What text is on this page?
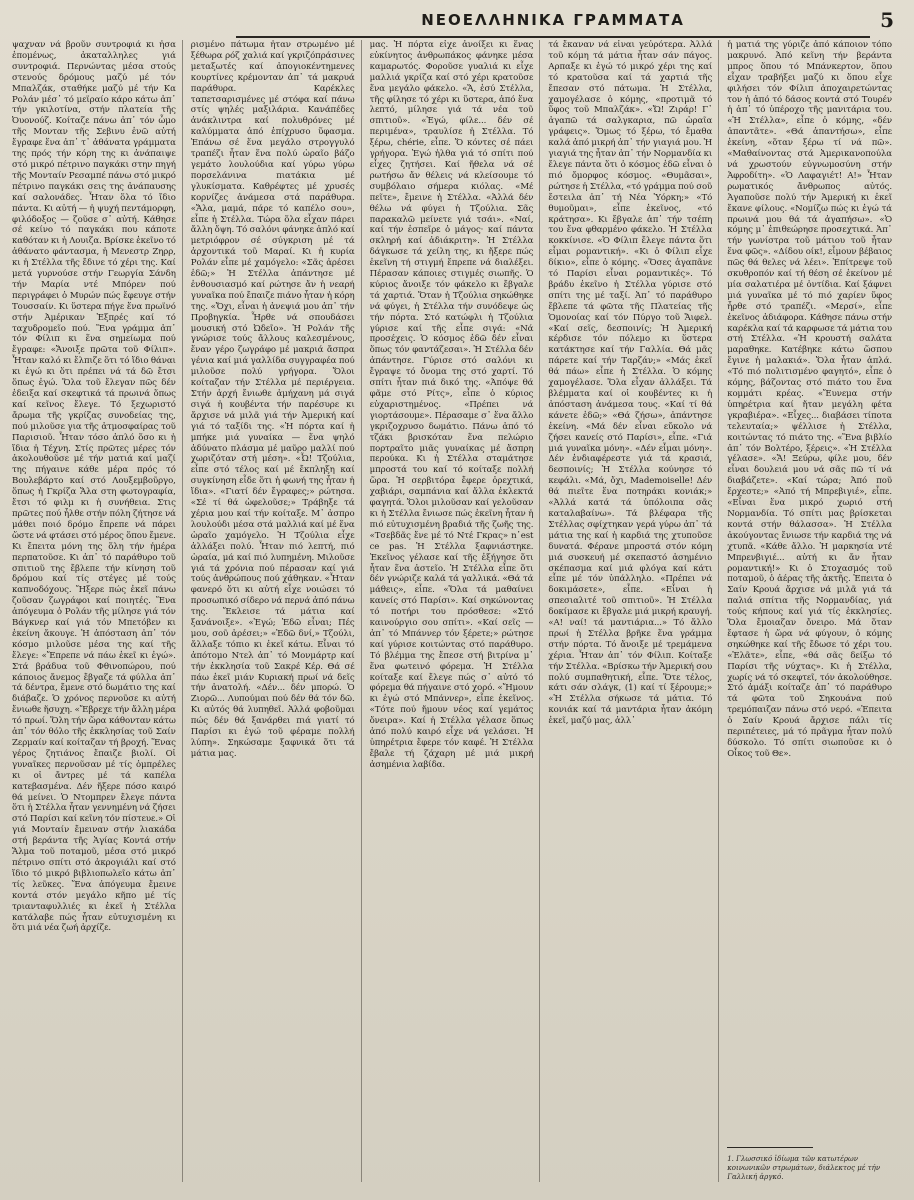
ΝΕΟΕΛΛΗΝΙΚΑ ΓΡΑΜΜΑΤΑ	5

ψαχναν νά βροῦν συντροφιά κι ἦσα ἐπομένως, ἀκαταλληλες γιά συντροφιά. Περνώντας μέσα στούς στενούς δρόμους μαζύ μέ τόν Μπαλζάκ, σταθήκε μαζύ μέ τήν Κα Ρολάν μέσ᾽ τό μεϊραίο κάρο κάτω ἀπ᾽ τήν γκιλοτίνα, στήν πλατεία τῆς Ὀυονούζ. Κοίταζε πάνω ἀπ᾽ τόν ὦμο τῆς Μονταν τῆς Σεβινυ ἐνῶ αὐτή ἔγραφε ἕνα ἀπ᾽ τ᾽ ἀθάνατα γράμματα της πρός τήν κόρη της κι ἀνάπαιψε στό μικρό πέτρινο παγκάκι στην πηγή τῆς Μονταίν Ρεσαμπέ πάνω στό μικρό πέτρινο παγκάκι σεις της ἀνάπαυσης καί σαλονάδες. Ἦταν ὅλα τό ἴδιο πάντα. Κι αὐτή — ἡ ψυχή πεντάμορφη, φιλόδοξος — ζοῦσε σ᾽ αὐτή. Κάθησε σέ κείνο τό παγκάκι που κάποτε καθόταν κι ἡ Λουιζα. Βρίσκε ἐκεῖνο τό ἀθάνατο φάντασμα, ἡ Μενεστρ Ζηρρ, κι ἡ Στέλλα τῆς ἔδινε τό χέρι της. Καί μετά γυρνούσε στήν Γεωργία Σάνδη τήν Μαρία ντέ Μπόρεν πού περιγράφει ὁ Μυρών πώς ἔφευγε στήν Τουσσαίν. Κι ὕστερα πήγε ἕνα πρωϊνό στήν Ἀμέρικαν Ἐξπρές καί τό ταχυδρομεῖο πού. Ἕνα γράμμα ἀπ᾽ τόν Φίλιπ κι ἕνα σημείωμα πού ἔγραφε: «Ἄνοιξε πρῶτα τοῦ Φίλιπ». Ἦταν καλό κι ἔλπιζε ὅτι τό ἴδιο θάναι κι ἐγώ κι ὅτι πρέπει νά τά δῶ ἔτσι ὅπως ἐγώ. Ὅλα τοῦ ἔλεγαν πῶς δέν ἐδειξα καί σκεφτικά τά πρωινά ὅπως καί κεῖνος ἔλεγε. Τό ξεχωριστό ἄρωμα τῆς γκρίζας συνοδείας της, πού μιλοῦσε για τῆς ἀτμοσφαίρας τοῦ Παρισιοῦ. Ἦταν τόσο ἁπλό ὅσο κι ἡ ἴδια ἡ Τέχνη. Στίς πρῶτες μέρες τόν ἀκολουθοῦσε μέ τήν ματιά καί μαζί της πήγαινε κάθε μέρα πρός τό Βουλεβάρτο καί στό Λουξεμβοῦργο, ὅπως ἡ Γκρίζα Ἄλα στη φωτογραφία, ἔτσι τό φιλμ κι ἡ συνήθεια. Στις πρῶτες πού ἦλθε στήν πόλη ζήτησε νά μάθει ποιό δρόμο ἔπρεπε νά πάρει ὥστε νά φτάσει στό μέρος ὅπου ἔμενε. Κι ἔπειτα μόνη της ὅλη τήν ἡμέρα περπατοῦσε. Κι ἀπ᾽ τό παράθυρο τοῦ σπιτιοῦ της ἔβλεπε τήν κίνηση τοῦ δρόμου καί τίς στέγες μέ τούς καπνοδόχους. Ἤξερε πώς ἐκεῖ πάνω ζοῦσαν ζωγράφοι καί ποιητές. Ἕνα ἀπόγευμα ὁ Ρολάν τῆς μίλησε γιά τόν Βάγκνερ καί γιά τόν Μπετόβεν κι ἐκείνη ἄκουγε. Ἡ ἀπόσταση ἀπ᾽ τόν κόσμο μιλοῦσε μέσα της καί τῆς ἔλεγε: «Ἔπρεπε νά πάω ἐκεῖ κι ἐγώ». Στά βράδυα τοῦ Φθινοπώρου, πού κάποιος ἄνεμος ἔβγαζε τά φύλλα ἀπ᾽ τά δέντρα, ἔμενε στό δωμάτιο της καί διάβαζε. Ὁ χρόνος περνοῦσε κι αὐτή ἔνιωθε ἥσυχη. «Ἔβρεχε τήν ἄλλη μέρα τό πρωί. Ὅλη τήν ὥρα κάθονταν κάτω ἀπ᾽ τόν θόλο τῆς ἐκκλησίας τοῦ Σαίν Ζερμαίν καί κοίταζαν τή βροχή. Ἕνας γέρος ζητιάνος ἔπαιζε βιολί. Οἱ γυναῖκες περνοῦσαν μέ τίς ὀμπρέλες κι οἱ ἄντρες μέ τά καπέλα κατεβασμένα. Δέν ἤξερε πόσο καιρό θά μείνει. Ὁ Ντομπρεν ἔλεγε πάντα ὅτι ἡ Στέλλα ἦταν γεννημένη νά ζήσει στό Παρίσι καί κεῖνη τόν πίστευε.» Οἱ γιά Μονταίν ἔμειναν στήν λιακάδα στή βεράντα τῆς Ἁγίας Κοντά στήν Ἄλμα τοῦ ποταμοῦ, μέσα στό μικρό πέτρινο σπίτι στό ἀκρογιάλι καί στό ἴδιο τό μικρό βιβλιοπωλεῖο κάτω ἀπ᾽ τίς λεῦκες. Ἕνα ἀπόγευμα ἔμεινε κοντά στόν μεγάλο κῆπο μέ τίς τριανταφυλλιές κι ἐκεῖ ἡ Στέλλα κατάλαβε πώς ἦταν εὐτυχισμένη κι ὅτι μιά νέα ζωή ἀρχίζε.

ρισμένο πάτωμα ἦταν στρωμένο μέ ξέθωρα ρόζ χαλιά καί γκριζόπράσινες μεταξωτές καί ἀπογιοκέντημενες κουρτίνες κρέμονταν ἀπ᾽ τά μακρυά παράθυρα. Καρέκλες ταπετσαρισμένες μέ στόφα καί πάνω στίς ψηλές μαξιλάρια. Κανάπέδες ἀνάκλιντρα καί πολυθρόνες μέ καλύμματα ἀπό ἐπίχρυσο ὕφασμα. Ἐπάνω σέ ἕνα μεγάλο στρογγυλό τραπέζι ἦταν ἕνα πολύ ὡραῖο βάζο γεμάτο λουλούδια καί γύρω γύρω πορσελάνινα πιατάκια μέ γλυκίσματα. Καθρέφτες μέ χρυσές κορνίζες ἀνάμεσα στά παράθυρα. «Ἄλα, μαμά, πάρε τό καπέλο σου», εἶπε ἡ Στέλλα. Τώρα ὅλα εἶχαν πάρει ἄλλη ὄψη. Τό σαλόνι φάνηκε ἀπλό καί μετριόφρον σέ σύγκριση μέ τά ἀρχοντικά τοῦ Μαραί. Κι ἡ κυρία Ρολάν εἶπε μέ χαμόγελο: «Σᾶς ἀρέσει ἐδῶ;» Ἡ Στέλλα ἀπάντησε μέ ἐνθουσιασμό καί ρώτησε ἄν ἡ νεαρή γυναῖκα πού ἔπαιζε πιάνο ἦταν ἡ κόρη της. «Ὄχι, εἶναι ἡ ἀνεψιά μου ἀπ᾽ τήν Προβηγκία. Ἦρθε νά σπουδάσει μουσική στό Ὠδεῖο». Ἡ Ρολάν τῆς γνώρισε τούς ἄλλους καλεσμένους, ἕναν γέρο ζωγράφο μέ μακριά ἄσπρα γένια καί μιά γαλλίδα συγγραφέα πού μιλοῦσε πολύ γρήγορα. Ὅλοι κοίταζαν τήν Στέλλα μέ περιέργεια. Στήν ἀρχή ἔνιωθε ἀμήχανη μά σιγά σιγά ἡ κουβέντα τήν παρέσυρε κι ἄρχισε νά μιλᾶ γιά τήν Ἀμερική καί γιά τό ταξίδι της. «Ἡ πόρτα καί ἡ μπήκε μιά γυναίκα — ἕνα ψηλό ἀδύνατο πλάσμα μέ μαῦρο μαλλί πού χωριζόταν στή μέση». «Ὦ! Τζούλια, εἶπε στό τέλος καί μέ ἔκπληξη καί συγκίνηση εἶδε ὅτι ἡ φωνή της ἦταν ἡ ἴδια». «Γιατί δέν ἔγραφες;» ρώτησα. «Σέ τί θά ὠφελοῦσε;» Τράβηξε τά χέρια μου καί τήν κοίταξε. Μ᾽ ἀσπρο λουλούδι μέσα στά μαλλιά καί μέ ἕνα ὡραῖο χαμόγελο. Ἡ Τζούλια εἶχε ἀλλάξει πολύ. Ἦταν πιό λεπτή, πιό ὡραία, μά καί πιό λυπημένη. Μιλοῦσε γιά τά χρόνια πού πέρασαν καί γιά τούς ἀνθρώπους πού χάθηκαν. «Ἦταν φανερό ὅτι κι αὐτή εἶχε νοιώσει τό προσωπικό σίδερο νά περνά ἀπό πάνω της. Ἔκλεισε τά μάτια καί ξανάνοιξε». «Ἐγώ; Ἐδῶ εἶναι; Πές μου, σοῦ ἀρέσει;» «Ἐδῶ δνί,» Τζούλι, ἄλλαξε τόπιο κι ἐκεῖ κάτω. Εἶναι τό ἀπότομο Ντελ ἀπ᾽ τό Μονμάρτρ καί τήν ἐκκλησία τοῦ Σακρέ Κέρ. Θά σέ πάω ἐκεῖ μιάν Κυριακή πρωί νά δεῖς τήν ἀνατολή. «Δέν... δέν μπορώ. Ὁ Ζιορῶ... Λυπούμαι πού δέν θά τόν δῶ. Κι αὐτός θά λυπηθεῖ. Ἀλλά φοβοῦμαι πώς δέν θά ξανάρθει πιά γιατί τό Παρίσι κι ἐγώ τοῦ φέραμε πολλή λύπη». Σηκώσαμε ξαφνικά ὅτι τά μάτια μας.

μας. Ἡ πόρτα εἶχε ἀνοίξει κι ἕνας εὐκίνητος ἀνθρωπάκος φάνηκε μέσα καμαρωτός. Φοροῦσε γυαλιά κι εἶχε μαλλιά γκρίζα καί στό χέρι κρατοῦσε ἕνα μεγάλο φάκελο. «Ἄ, ἐσύ Στέλλα, τῆς φίλησε τό χέρι κι ὕστερα, ἀπό ἕνα λεπτό, μίλησε γιά τά νέα τοῦ σπιτιοῦ». «Ἐγώ, φίλε... δέν σέ περιμένα», τραυλίσε ἡ Στέλλα. Τό ξέρω, chérie, εἶπε. Ὅ κόντες σέ πάει γρήγορα. Ἐγώ ἡλθα γιά τό σπίτι πού εἶχες ζητήσει. Καί ἤθελα νά σέ ρωτήσω ἄν θέλεις νά κλείσουμε τό συμβόλαιο σήμερα κιόλας. «Μέ πεῖτε», ἔμεινε ἡ Στέλλα. «Ἀλλά δέν θέλω νά φύγει ἡ Τζούλια. Σᾶς παρακαλῶ μείνετε γιά τσάι». «Ναί, καί τήν ἐσπεῖρε ὁ μάγος· καί πάντα σκληρή καί ἀδιάκριτη». Ἡ Στέλλα δάγκωσε τά χείλη της, κι ἤξερε πώς ἐκεῖνη τή στιγμή ἔπρεπε νά διαλέξει. Πέρασαν κάποιες στιγμές σιωπῆς. Ὁ κύριος ἄνοιξε τόν φάκελο κι ἔβγαλε τά χαρτιά. Ὅταν ἡ Τζούλια σηκώθηκε νά φύγει, ἡ Στέλλα τήν συνόδεψε ὡς τήν πόρτα. Στό κατώφλι ἡ Τζούλια γύρισε καί τῆς εἶπε σιγά: «Νά προσέχεις. Ὁ κόσμος ἐδῶ δέν εἶναι ὅπως τόν φαντάζεσαι». Ἡ Στέλλα δέν ἀπάντησε. Γύρισε στό σαλόνι κι ἔγραψε τό ὄνομα της στό χαρτί. Τό σπίτι ἦταν πιά δικό της. «Ἀπόψε θά φᾶμε στό Ρίτς», εἶπε ὁ κύριος εὐχαριστημένος. «Πρέπει νά γιορτάσουμε». Πέρασαμε σ᾽ ἕνα ἄλλο γκριζοχρυσο δωμάτιο. Πάνω ἀπό τό τζάκι βρισκόταν ἕνα πελώριο πορτραῖτο μιᾶς γυναίκας μέ ἄσπρη περούκα. Κι ἡ Στέλλα σταμάτησε μπροστά του καί τό κοίταξε πολλή ὥρα. Ἡ σερβιτόρα ἔφερε ὀρεχτικά, χαβιάρι, σαμπάνια καί ἄλλα ἐκλεκτά φαγητά. Ὅλοι μιλοῦσαν καί γελοῦσαν κι ἡ Στέλλα ἔνιωσε πώς ἐκεῖνη ἦταν ἡ πιό εὐτυχισμένη βραδιά τῆς ζωῆς της. «Τσεβδᾶς ἔνε μέ τό Ντέ Γκρας» n᾽est ce pas. Ἡ Στέλλα ξαφνιάστηκε. Ἐκεῖνος γέλασε καί τῆς ἐξήγησε ὅτι ἦταν ἕνα ἀστεῖο. Ἡ Στέλλα εἶπε ὅτι δέν γνώριζε καλά τά γαλλικά. «Θά τά μάθεις», εἶπε. «Ὅλα τά μαθαίνει κανείς στό Παρίσι». Καί σηκώνοντας τό ποτήρι του πρόσθεσε: «Στό καινούργιο σου σπίτι». «Καί σεῖς — ἀπ᾽ τό Μπάννερ τόν ξέρετε;» ρώτησε καί γύρισε κοιτώντας στό παράθυρο. Τό βλέμμα της ἔπεσε στή βιτρίνα μ᾽ ἕνα φωτεινό φόρεμα. Ἡ Στέλλα κοίταξε καί ἔλεγε πώς σ᾽ αὐτό τό φόρεμα θά πήγαινε στό χορό. «Ἤμουν κι ἐγώ στό Μπάννερ», εἶπε ἐκεῖνος. «Τότε πού ἤμουν νέος καί γεμάτος ὄνειρα». Καί ἡ Στέλλα γέλασε ὅπως ἀπό πολύ καιρό εἶχε νά γελάσει. Ἡ ὑπηρέτρια ἔφερε τόν καφέ. Ἡ Στέλλα ἔβαλε τή ζάχαρη μέ μιά μικρή ἀσημένια λαβίδα.

τά ἔκαναν νά εἶναι γεὐρότερα. Ἀλλά τοῦ κόμη τά μάτια ἦταν σάν πάγος. Αρπαξε κι ἐγώ τό μικρό χέρι της καί τό κρατοῦσα καί τά χαρτιά τῆς ἔπεσαν στό πάτωμα. Ἡ Στέλλα, χαμογέλασε ὁ κόμης, «προτιμᾶ τό ὕφος τοῦ Μπαλζάκ». «Ὤ! Ζιράρ! Γ᾽ ἀγαπῶ τά σαλγκαρια, πῶ ὡραῖα γράφεις». Ὅμως τό ξέρω, τό ἔμαθα καλά ἀπό μικρή ἀπ᾽ τήν γιαγιά μου. Ἡ γιαγιά της ἦταν ἀπ᾽ τήν Νορμανδία κι ἔλεγε πάντα ὅτι ὁ κόσμος ἐδῶ εἶναι ὁ πιό ὄμορφος κόσμος. «Θυμᾶσαι», ρώτησε ἡ Στέλλα, «τό γράμμα πού σοῦ ἔστειλα ἀπ᾽ τή Νέα Ὑόρκη;» «Τό θυμοῦμαι», εἶπε ἐκεῖνος, «τό κράτησα». Κι ἔβγαλε ἀπ᾽ τήν τσέπη του ἕνα φθαρμένο φάκελο. Ἡ Στέλλα κοκκίνισε. «Ὁ Φίλιπ ἔλεγε πάντα ὅτι εἶμαι ρομαντική». «Κι ὁ Φίλιπ εἶχε δίκιο», εἶπε ὁ κόμης. «Ὅσες ἀγαπᾶνε τό Παρίσι εἶναι ρομαντικές». Τό βράδυ ἐκεῖνο ἡ Στέλλα γύρισε στό σπίτι της μέ ταξί. Ἀπ᾽ τό παράθυρο ἔβλεπε τά φῶτα τῆς Πλατείας τῆς Ὁμονοίας καί τόν Πύργο τοῦ Ἄιφελ. «Καί σεῖς, δεσποινίς; Ἡ Ἀμερική κέρδισε τόν πόλεμο κι ὕστερα κατάκτησε καί τήν Γαλλία. Θά μᾶς πάρετε καί τήν Ταρζάν;» «Μάς ἐκεῖ θά πάω» εἶπε ἡ Στέλλα. Ὁ κόμης χαμογέλασε. Ὅλα εἶχαν ἀλλάξει. Τά βλέμματα καί οἱ κουβέντες κι ἡ ἀπόσταση ἀνάμεσα τους. «Καί τί θά κάνετε ἐδῶ;» «Θά ζήσω», ἀπάντησε ἐκείνη. «Μά δέν εἶναι εὔκολο νά ζήσει κανείς στό Παρίσι», εἶπε. «Γιά μιά γυναῖκα μόνη». «Δέν εἶμαι μόνη». Δέν ἐνδιαφέρεστε γιά τά κρασιά, δεσποινίς; Ἡ Στέλλα κούνησε τό κεφάλι. «Μά, ὄχι, Mademoiselle! Δέν θά πιεῖτε ἕνα ποτηράκι κονιάκ;» «Ἀλλά κατά τά ὑπόλοιπα σᾶς καταλαβαίνω». Τά βλέφαρα τῆς Στέλλας σφίχτηκαν γερά γύρω ἀπ᾽ τά μάτια της καί ἡ καρδιά της χτυποῦσε δυνατά. Φέρανε μπροστά στόν κόμη μιά συσκευή μέ σκεπαστό ἀσημένιο σκέπασμα καί μιά φλόγα καί κάτι εἶπε μέ τόν ὑπάλληλο. «Πρέπει νά δοκιμάσετε», εἶπε. «Εἶναι ἡ σπεσιαλιτέ τοῦ σπιτιοῦ». Ἡ Στέλλα δοκίμασε κι ἔβγαλε μιά μικρή κραυγή. «Α! ναί! τά μαντιάρια...» Τό ἄλλο πρωί ἡ Στέλλα βρῆκε ἕνα γράμμα στήν πόρτα. Τό ἄνοιξε μέ τρεμάμενα χέρια. Ἦταν ἀπ᾽ τόν Φίλιπ. Κοίταξε τήν Στέλλα. «Βρίσκω τήν Ἀμερική σου πολύ συμπαθητική, εἶπε. Ὅτε τέλος, κάτι σάν σλάγκ, (1) καί τί ξέρουμε;» «Ἡ Στέλλα σήκωσε τά μάτια. Τό κονιάκ καί τά μαντάρια ἦταν ἀκόμη ἐκεῖ, μαζύ μας, ἀλλ᾽

ἡ ματιά της γύριζε ἀπό κάποιον τόπο μακρυνό. Ἀπό κεῖνη τήν βεράντα μπρος ὅπου τό Μπάνκερτον, ὅπου εἶχαν τραβήξει μαζύ κι ὅπου εἶχε φιλήσει τόν Φίλιπ ἀποχαιρετώντας τον ἡ ἀπό τό δάσος κοντά στό Τουρέν ἡ ἀπ᾽ τό ὑπέροχο τῆς μανιτάρια του. «Ἡ Στέλλα», εἶπε ὁ κόμης, «δέν ἀπαντᾶτε». «Θά ἀπαντήσω», εἶπε ἐκείνη, «ὅταν ξέρω τί νά πῶ». «Μαθαίνοντας στά Ἀμερικανοπούλα νά χρωστούν εὐγνωμοσύνη στήν Ἀφροδίτη». «Ὁ Λαφαγιέτ! Α!» Ἦταν ρωματικός ἄνθρωπος αὐτός. Ἀγαποῦσε πολύ τήν Ἀμερική κι ἐκεῖ ἔκανε φίλους. «Νομίζω πώς κι ἐγώ τά πρωινά μου θά τά ἀγαπήσω». «Ὁ κόμης μ᾽ ἐπιθεώρησε προσεχτικά. Ἀπ᾽ τήν γωνίστρα τοῦ μάτιου τοῦ ἦταν ἕνα φῶς». «Δίδου οίκ!, εἶμουν βέβαιος πῶς θά θελες νά λέει». Ἐπίτρεψε τοῦ σκυθροπόν καί τή θέση σέ ἐκείνον μέ μία σαλατιέρα μέ ὀντίδια. Καί ξάφνει μιά γυναῖκα μέ τό πιό χαρίεν ὕφος ἦρθε στό τραπέζι. «Μερσί», εἶπε ἐκεῖνος ἀδιάφορα. Κάθησε πάνω στήν καρέκλα καί τά καρφωσε τά μάτια του στή Στέλλα. «Ἡ κρουστή σαλάτα μαραθηκε. Κατέβηκε κάτω ὥσπου ἔγινε ἡ μαλακιά». Ὅλα ἦταν ἀπλά. «Τό πιό πολιτισμένο φαγητό», εἶπε ὁ κόμης, βάζοντας στό πιάτο του ἕνα κομμάτι κρέας. «Ἔυνεμα στήν ὑπηρέτρια καί ἤταν μεγάλη φέτα γκραβιέρα». «Εἶχες... διαβάσει τίποτα τελευταία;» ψέλλισε ἡ Στέλλα, κοιτώντας τό πιάτο της. «Ἕνα βιβλίο ἀπ᾽ τόν Βολτέρο, ξέρεις». «Ἡ Στέλλα γέλασε». «Ἄ! Ξεύρω, φίλε μου, δέν εἶναι δουλειά μου νά σᾶς πῶ τί νά διαβάζετε». «Καί τώρα; Ἀπό ποῦ ἔρχεστε;» «Ἀπό τή Μπρεβιγιέ», εἶπε. «Εἶναι ἕνα μικρό χωριό στή Νορμανδία. Τό σπίτι μας βρίσκεται κοντά στήν θάλασσα». Ἡ Στέλλα ἀκούγοντας ἔνιωσε τήν καρδιά της νά χτυπᾶ. «Κάθε ἄλλο. Ἡ μαρκησία ντέ Μπρενβιγιέ... αὐτή κι ἄν ἦταν ρομαντική!» Κι ὁ Στοχασμός τοῦ ποταμοῦ, ὁ ἀέρας τῆς ἀκτῆς. Ἐπειτα ὁ Σαίν Κρουά ἄρχισε νά μιλᾶ γιά τά παλιά σπίτια τῆς Νορμανδίας, γιά τούς κήπους καί γιά τίς ἐκκλησίες. Ὅλα ἔμοιαζαν ὄνειρο. Μά ὅταν ἔφτασε ἡ ὥρα νά φύγουν, ὁ κόμης σηκώθηκε καί τῆς ἔδωσε τό χέρι του. «Ἐλᾶτε», εἶπε, «θά σᾶς δείξω τό Παρίσι τῆς νύχτας». Κι ἡ Στέλλα, χωρίς νά τό σκεφτεῖ, τόν ἀκολούθησε. Στό ἀμάξι κοίταζε ἀπ᾽ τό παράθυρο τά φῶτα τοῦ Σηκουάνα πού τρεμόπαιζαν πάνω στό νερό. «Ἐπειτα ὁ Σαίν Κρουά ἄρχισε πάλι τίς περιπέτειες, μά τό πρᾶγμα ἦταν πολύ δύσκολο. Τό σπίτι σιωποῦσε κι ὁ Οἶκος τοῦ Θε».

1. Γλωσσικό ἰδίωμα τῶν κατωτέρων κοινωνικῶν στρωμάτων, διάλεκτος μέ τήν Γαλλική ἀργκό.
